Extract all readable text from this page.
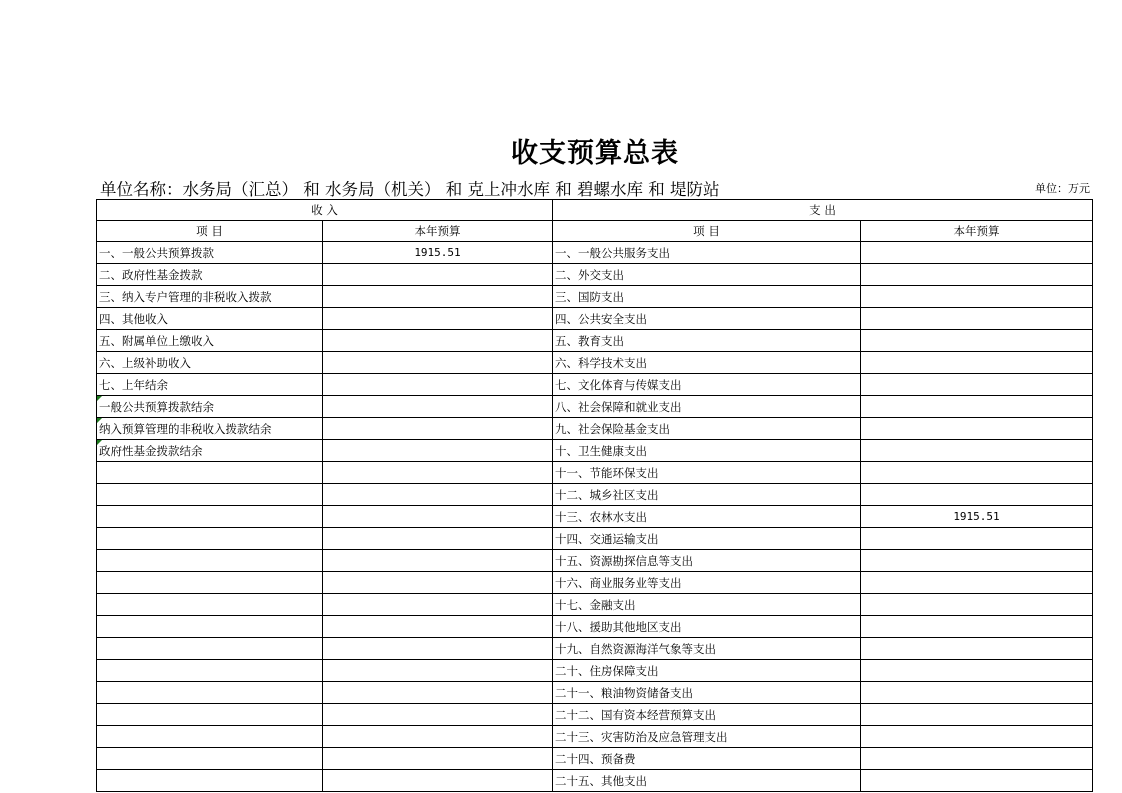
收支预算总表
单位名称：水务局（汇总） 和 水务局（机关） 和 克上冲水库 和 碧螺水库 和 堤防站	单位：万元
收 入		支 出	
项 目	本年预算	项 目	本年预算
一、一般公共预算拨款	1915.51	一、一般公共服务支出	
二、政府性基金拨款		二、外交支出	
三、纳入专户管理的非税收入拨款		三、国防支出	
四、其他收入		四、公共安全支出	
五、附属单位上缴收入		五、教育支出	
六、上级补助收入		六、科学技术支出	
七、上年结余		七、文化体育与传媒支出	
一般公共预算拨款结余		八、社会保障和就业支出	
纳入预算管理的非税收入拨款结余		九、社会保险基金支出	
政府性基金拨款结余		十、卫生健康支出	
		十一、节能环保支出	
		十二、城乡社区支出	
		十三、农林水支出	1915.51
		十四、交通运输支出	
		十五、资源勘探信息等支出	
		十六、商业服务业等支出	
		十七、金融支出	
		十八、援助其他地区支出	
		十九、自然资源海洋气象等支出	
		二十、住房保障支出	
		二十一、粮油物资储备支出	
		二十二、国有资本经营预算支出	
		二十三、灾害防治及应急管理支出	
		二十四、预备费	
		二十五、其他支出	
